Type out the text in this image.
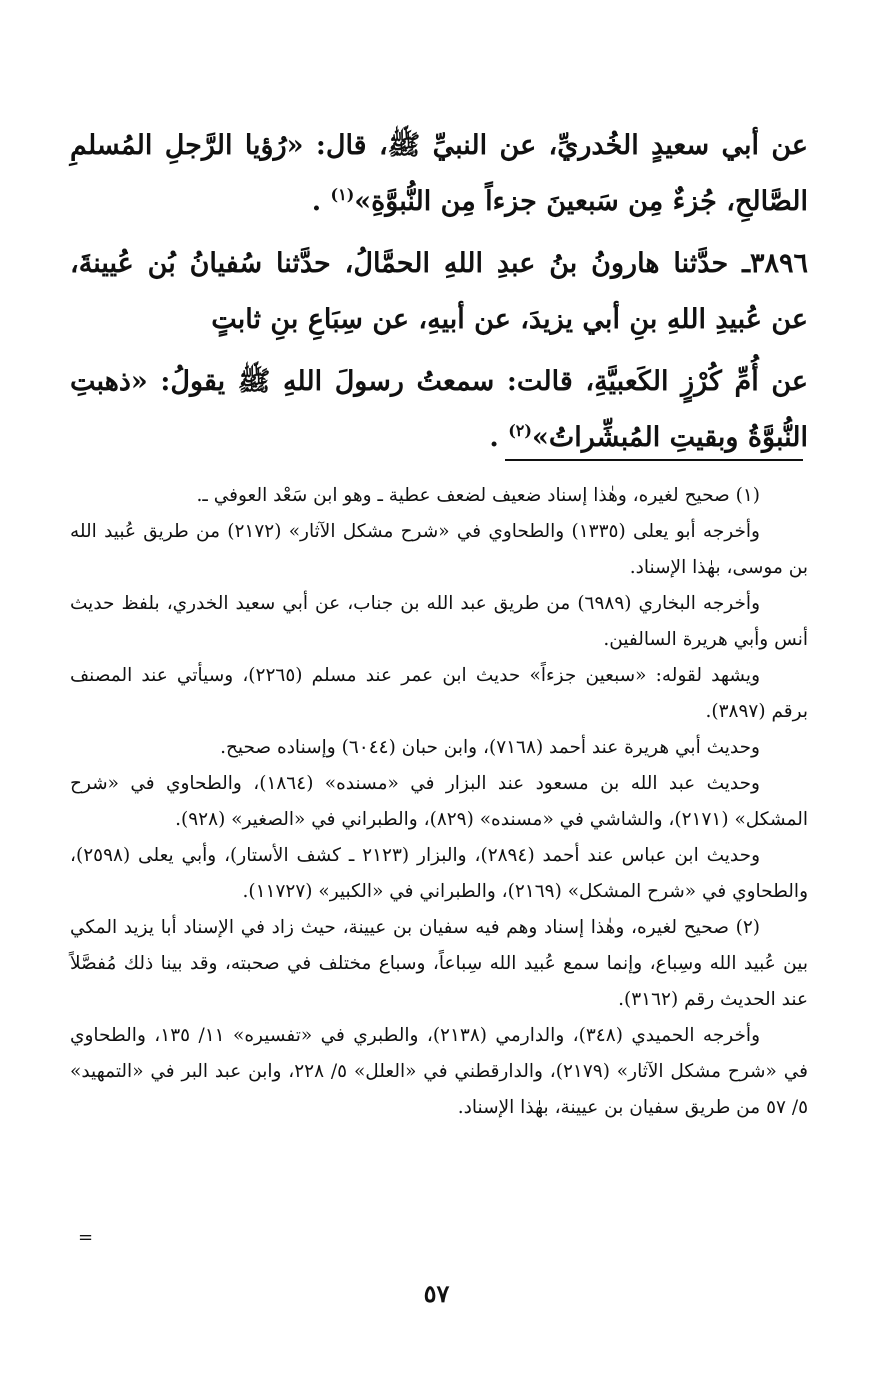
عن أبي سعيدٍ الخُدريِّ، عن النبيِّ ﷺ، قال: «رُؤيا الرَّجلِ المُسلمِ الصَّالحِ، جُزءٌ مِن سَبعينَ جزءاً مِن النُّبوَّةِ»$^{(١)}$ .

٣٨٩٦ـ حدَّثنا هارونُ بنُ عبدِ اللهِ الحمَّالُ، حدَّثنا سُفيانُ بُن عُيينةَ، عن عُبيدِ اللهِ بنِ أبي يزيدَ، عن أبيهِ، عن سِبَاعِ بنِ ثابتٍ

عن أُمِّ كُرْزٍ الكَعبيَّةِ، قالت: سمعتُ رسولَ اللهِ ﷺ يقولُ: «ذهبتِ النُّبوَّةُ وبقيتِ المُبشِّراتُ»$^{(٢)}$ .

(١) صحيح لغيره، وهٰذا إسناد ضعيف لضعف عطية ـ وهو ابن سَعْد العوفي ـ.

وأخرجه أبو يعلى (١٣٣٥) والطحاوي في «شرح مشكل الآثار» (٢١٧٢) من طريق عُبيد الله بن موسى، بهٰذا الإسناد.

وأخرجه البخاري (٦٩٨٩) من طريق عبد الله بن جناب، عن أبي سعيد الخدري، بلفظ حديث أنس وأبي هريرة السالفين.

ويشهد لقوله: «سبعين جزءاً» حديث ابن عمر عند مسلم (٢٢٦٥)، وسيأتي عند المصنف برقم (٣٨٩٧).

وحديث أبي هريرة عند أحمد (٧١٦٨)، وابن حبان (٦٠٤٤) وإسناده صحيح.

وحديث عبد الله بن مسعود عند البزار في «مسنده» (١٨٦٤)، والطحاوي في «شرح المشكل» (٢١٧١)، والشاشي في «مسنده» (٨٢٩)، والطبراني في «الصغير» (٩٢٨).

وحديث ابن عباس عند أحمد (٢٨٩٤)، والبزار (٢١٢٣ ـ كشف الأستار)، وأبي يعلى (٢٥٩٨)، والطحاوي في «شرح المشكل» (٢١٦٩)، والطبراني في «الكبير» (١١٧٢٧).

(٢) صحيح لغيره، وهٰذا إسناد وهم فيه سفيان بن عيينة، حيث زاد في الإسناد أبا يزيد المكي بين عُبيد الله وسِباع، وإنما سمع عُبيد الله سِباعاً، وسباع مختلف في صحبته، وقد بينا ذلك مُفصَّلاً عند الحديث رقم (٣١٦٢).

وأخرجه الحميدي (٣٤٨)، والدارمي (٢١٣٨)، والطبري في «تفسيره» ١١/ ١٣٥، والطحاوي في «شرح مشكل الآثار» (٢١٧٩)، والدارقطني في «العلل» ٥/ ٢٢٨، وابن عبد البر في «التمهيد» ٥/ ٥٧ من طريق سفيان بن عيينة، بهٰذا الإسناد.

=
٥٧
